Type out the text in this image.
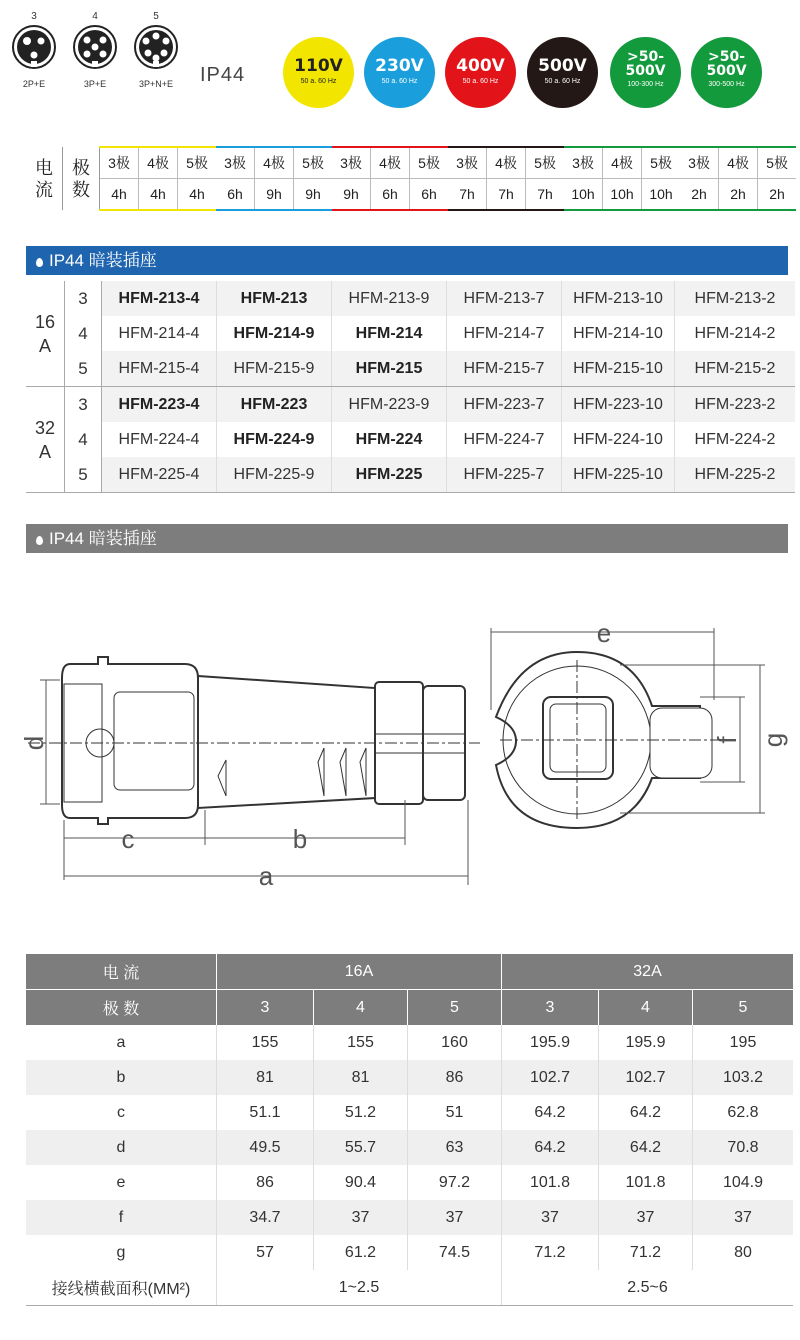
3
2P+E
4
3P+E
5
3P+N+E	IP44	110V
50 a. 60 Hz
230V
50 a. 60 Hz
400V
50 a. 60 Hz
500V
50 a. 60 Hz
>50-
500V
100-300 Hz
>50-
500V
300-500 Hz
电
流	极
数	3极	4极	5极	3极	4极	5极	3极	4极	5极	3极	4极	5极	3极	4极	5极	3极	4极	5极
		4h	4h	4h	6h	9h	9h	9h	6h	6h	7h	7h	7h	10h	10h	10h	2h	2h	2h
IP44 暗装插座
16
A	3	HFM-213-4	HFM-213	HFM-213-9	HFM-213-7	HFM-213-10	HFM-213-2
	4	HFM-214-4	HFM-214-9	HFM-214	HFM-214-7	HFM-214-10	HFM-214-2
	5	HFM-215-4	HFM-215-9	HFM-215	HFM-215-7	HFM-215-10	HFM-215-2
32
A	3	HFM-223-4	HFM-223	HFM-223-9	HFM-223-7	HFM-223-10	HFM-223-2
	4	HFM-224-4	HFM-224-9	HFM-224	HFM-224-7	HFM-224-10	HFM-224-2
	5	HFM-225-4	HFM-225-9	HFM-225	HFM-225-7	HFM-225-10	HFM-225-2
IP44 暗装插座
d
c	b
a
e
f g
电 流	16A			32A		
极 数	3	4	5	3	4	5
a	155	155	160	195.9	195.9	195
b	81	81	86	102.7	102.7	103.2
c	51.1	51.2	51	64.2	64.2	62.8
d	49.5	55.7	63	64.2	64.2	70.8
e	86	90.4	97.2	101.8	101.8	104.9
f	34.7	37	37	37	37	37
g	57	61.2	74.5	71.2	71.2	80
接线横截面积(MM²)	1~2.5			2.5~6		
